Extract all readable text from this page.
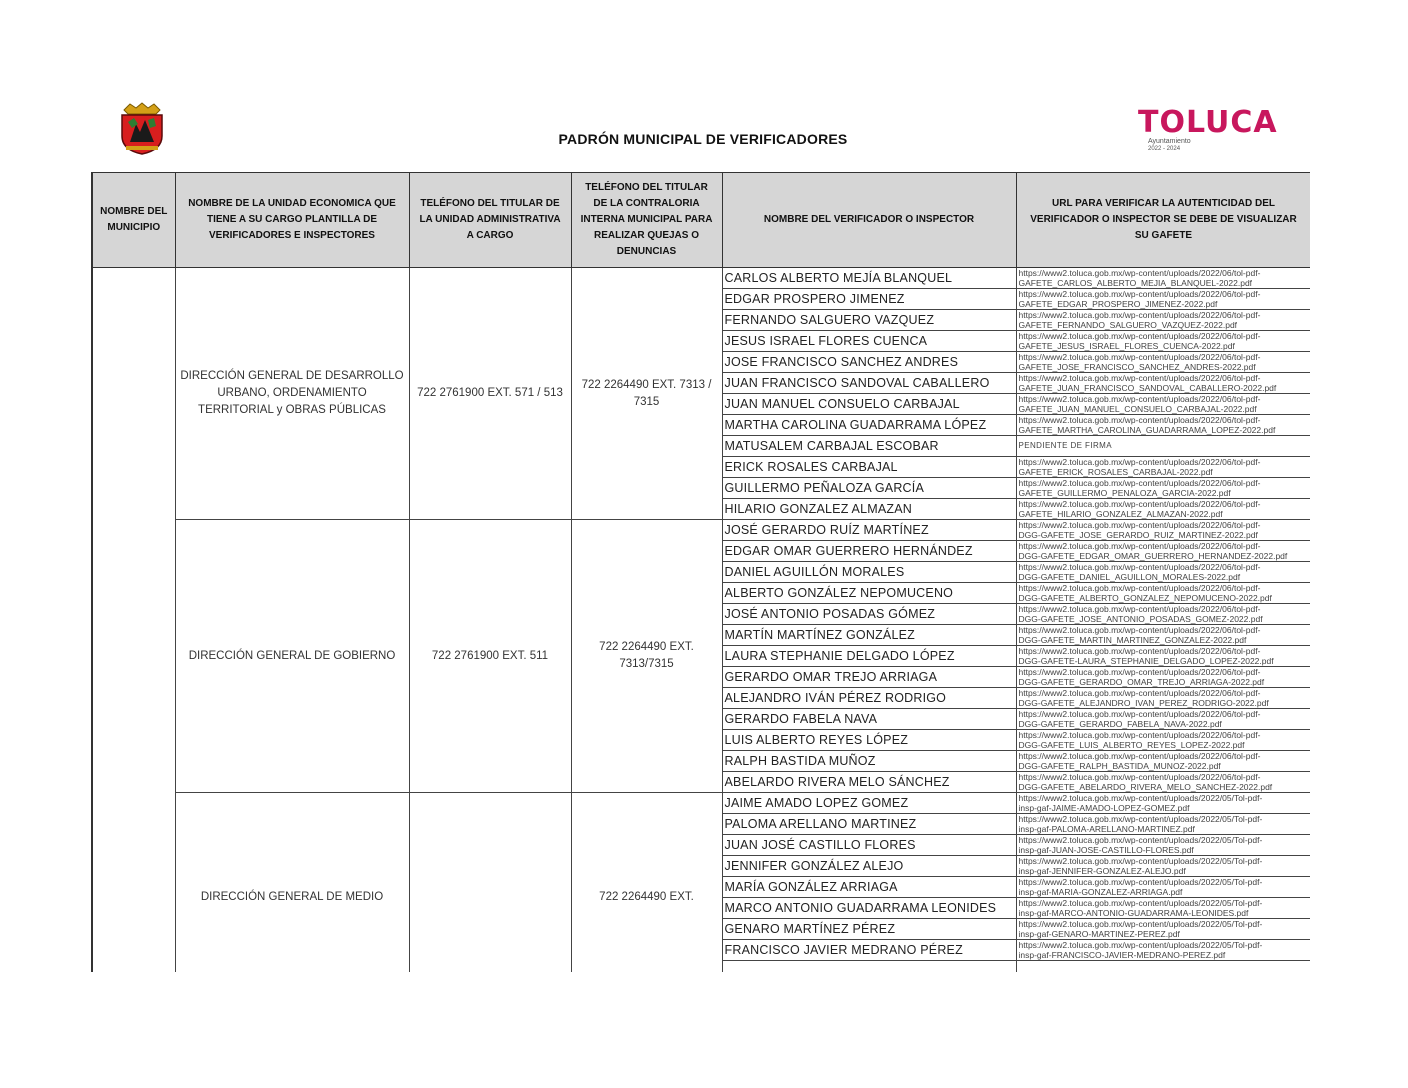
TOLUCA
Ayuntamiento
2022 - 2024
PADRÓN MUNICIPAL DE VERIFICADORES
NOMBRE DEL MUNICIPIO	NOMBRE DE LA UNIDAD ECONOMICA QUE TIENE A SU CARGO PLANTILLA DE VERIFICADORES E INSPECTORES	TELÉFONO DEL TITULAR DE LA UNIDAD ADMINISTRATIVA A CARGO	TELÉFONO DEL TITULAR DE LA CONTRALORIA INTERNA MUNICIPAL PARA REALIZAR QUEJAS O DENUNCIAS	NOMBRE DEL VERIFICADOR O INSPECTOR	URL PARA VERIFICAR LA AUTENTICIDAD DEL VERIFICADOR O INSPECTOR SE DEBE DE VISUALIZAR SU GAFETE
	DIRECCIÓN GENERAL DE DESARROLLO URBANO, ORDENAMIENTO TERRITORIAL y OBRAS PÚBLICAS	722 2761900 EXT. 571 / 513	722 2264490 EXT. 7313 / 7315	CARLOS ALBERTO MEJÍA BLANQUEL	https://www2.toluca.gob.mx/wp-content/uploads/2022/06/tol-pdf-
GAFETE_CARLOS_ALBERTO_MEJIA_BLANQUEL-2022.pdf

				EDGAR PROSPERO JIMENEZ	https://www2.toluca.gob.mx/wp-content/uploads/2022/06/tol-pdf-
GAFETE_EDGAR_PROSPERO_JIMENEZ-2022.pdf

				FERNANDO SALGUERO VAZQUEZ	https://www2.toluca.gob.mx/wp-content/uploads/2022/06/tol-pdf-
GAFETE_FERNANDO_SALGUERO_VAZQUEZ-2022.pdf

				JESUS ISRAEL FLORES CUENCA	https://www2.toluca.gob.mx/wp-content/uploads/2022/06/tol-pdf-
GAFETE_JESUS_ISRAEL_FLORES_CUENCA-2022.pdf

				JOSE FRANCISCO SANCHEZ ANDRES	https://www2.toluca.gob.mx/wp-content/uploads/2022/06/tol-pdf-
GAFETE_JOSE_FRANCISCO_SANCHEZ_ANDRES-2022.pdf

				JUAN FRANCISCO SANDOVAL CABALLERO	https://www2.toluca.gob.mx/wp-content/uploads/2022/06/tol-pdf-
GAFETE_JUAN_FRANCISCO_SANDOVAL_CABALLERO-2022.pdf

				JUAN MANUEL CONSUELO CARBAJAL	https://www2.toluca.gob.mx/wp-content/uploads/2022/06/tol-pdf-
GAFETE_JUAN_MANUEL_CONSUELO_CARBAJAL-2022.pdf

				MARTHA CAROLINA GUADARRAMA LÓPEZ	https://www2.toluca.gob.mx/wp-content/uploads/2022/06/tol-pdf-
GAFETE_MARTHA_CAROLINA_GUADARRAMA_LOPEZ-2022.pdf

				MATUSALEM CARBAJAL ESCOBAR	PENDIENTE DE FIRMA

				ERICK ROSALES CARBAJAL	https://www2.toluca.gob.mx/wp-content/uploads/2022/06/tol-pdf-
GAFETE_ERICK_ROSALES_CARBAJAL-2022.pdf

				GUILLERMO PEÑALOZA GARCÍA	https://www2.toluca.gob.mx/wp-content/uploads/2022/06/tol-pdf-
GAFETE_GUILLERMO_PENALOZA_GARCIA-2022.pdf

				HILARIO GONZALEZ ALMAZAN	https://www2.toluca.gob.mx/wp-content/uploads/2022/06/tol-pdf-
GAFETE_HILARIO_GONZALEZ_ALMAZAN-2022.pdf

	DIRECCIÓN GENERAL DE GOBIERNO	722 2761900 EXT. 511	722 2264490 EXT. 7313/7315	JOSÉ GERARDO RUÍZ MARTÍNEZ	https://www2.toluca.gob.mx/wp-content/uploads/2022/06/tol-pdf-
DGG-GAFETE_JOSE_GERARDO_RUIZ_MARTINEZ-2022.pdf

				EDGAR OMAR GUERRERO HERNÁNDEZ	https://www2.toluca.gob.mx/wp-content/uploads/2022/06/tol-pdf-
DGG-GAFETE_EDGAR_OMAR_GUERRERO_HERNANDEZ-2022.pdf

				DANIEL AGUILLÓN MORALES	https://www2.toluca.gob.mx/wp-content/uploads/2022/06/tol-pdf-
DGG-GAFETE_DANIEL_AGUILLON_MORALES-2022.pdf

				ALBERTO GONZÁLEZ NEPOMUCENO	https://www2.toluca.gob.mx/wp-content/uploads/2022/06/tol-pdf-
DGG-GAFETE_ALBERTO_GONZALEZ_NEPOMUCENO-2022.pdf

				JOSÉ ANTONIO POSADAS GÓMEZ	https://www2.toluca.gob.mx/wp-content/uploads/2022/06/tol-pdf-
DGG-GAFETE_JOSE_ANTONIO_POSADAS_GOMEZ-2022.pdf

				MARTÍN MARTÍNEZ GONZÁLEZ	https://www2.toluca.gob.mx/wp-content/uploads/2022/06/tol-pdf-
DGG-GAFETE_MARTIN_MARTINEZ_GONZALEZ-2022.pdf

				LAURA STEPHANIE DELGADO LÓPEZ	https://www2.toluca.gob.mx/wp-content/uploads/2022/06/tol-pdf-
DGG-GAFETE-LAURA_STEPHANIE_DELGADO_LOPEZ-2022.pdf

				GERARDO OMAR TREJO ARRIAGA	https://www2.toluca.gob.mx/wp-content/uploads/2022/06/tol-pdf-
DGG-GAFETE_GERARDO_OMAR_TREJO_ARRIAGA-2022.pdf

				ALEJANDRO IVÁN PÉREZ RODRIGO	https://www2.toluca.gob.mx/wp-content/uploads/2022/06/tol-pdf-
DGG-GAFETE_ALEJANDRO_IVAN_PEREZ_RODRIGO-2022.pdf

				GERARDO FABELA NAVA	https://www2.toluca.gob.mx/wp-content/uploads/2022/06/tol-pdf-
DGG-GAFETE_GERARDO_FABELA_NAVA-2022.pdf

				LUIS ALBERTO REYES LÓPEZ	https://www2.toluca.gob.mx/wp-content/uploads/2022/06/tol-pdf-
DGG-GAFETE_LUIS_ALBERTO_REYES_LOPEZ-2022.pdf

				RALPH BASTIDA MUÑOZ	https://www2.toluca.gob.mx/wp-content/uploads/2022/06/tol-pdf-
DGG-GAFETE_RALPH_BASTIDA_MUNOZ-2022.pdf

				ABELARDO RIVERA MELO SÁNCHEZ	https://www2.toluca.gob.mx/wp-content/uploads/2022/06/tol-pdf-
DGG-GAFETE_ABELARDO_RIVERA_MELO_SANCHEZ-2022.pdf

	DIRECCIÓN GENERAL DE MEDIO		722 2264490 EXT.	JAIME AMADO LOPEZ GOMEZ	https://www2.toluca.gob.mx/wp-content/uploads/2022/05/Tol-pdf-
insp-gaf-JAIME-AMADO-LOPEZ-GOMEZ.pdf

				PALOMA ARELLANO MARTINEZ	https://www2.toluca.gob.mx/wp-content/uploads/2022/05/Tol-pdf-
insp-gaf-PALOMA-ARELLANO-MARTINEZ.pdf

				JUAN JOSÉ CASTILLO FLORES	https://www2.toluca.gob.mx/wp-content/uploads/2022/05/Tol-pdf-
insp-gaf-JUAN-JOSE-CASTILLO-FLORES.pdf

				JENNIFER GONZÁLEZ ALEJO	https://www2.toluca.gob.mx/wp-content/uploads/2022/05/Tol-pdf-
insp-gaf-JENNIFER-GONZALEZ-ALEJO.pdf

				MARÍA GONZÁLEZ ARRIAGA	https://www2.toluca.gob.mx/wp-content/uploads/2022/05/Tol-pdf-
insp-gaf-MARIA-GONZALEZ-ARRIAGA.pdf

				MARCO ANTONIO GUADARRAMA LEONIDES	https://www2.toluca.gob.mx/wp-content/uploads/2022/05/Tol-pdf-
insp-gaf-MARCO-ANTONIO-GUADARRAMA-LEONIDES.pdf

				GENARO MARTÍNEZ PÉREZ	https://www2.toluca.gob.mx/wp-content/uploads/2022/05/Tol-pdf-
insp-gaf-GENARO-MARTINEZ-PEREZ.pdf

				FRANCISCO JAVIER MEDRANO PÉREZ	https://www2.toluca.gob.mx/wp-content/uploads/2022/05/Tol-pdf-
insp-gaf-FRANCISCO-JAVIER-MEDRANO-PEREZ.pdf
